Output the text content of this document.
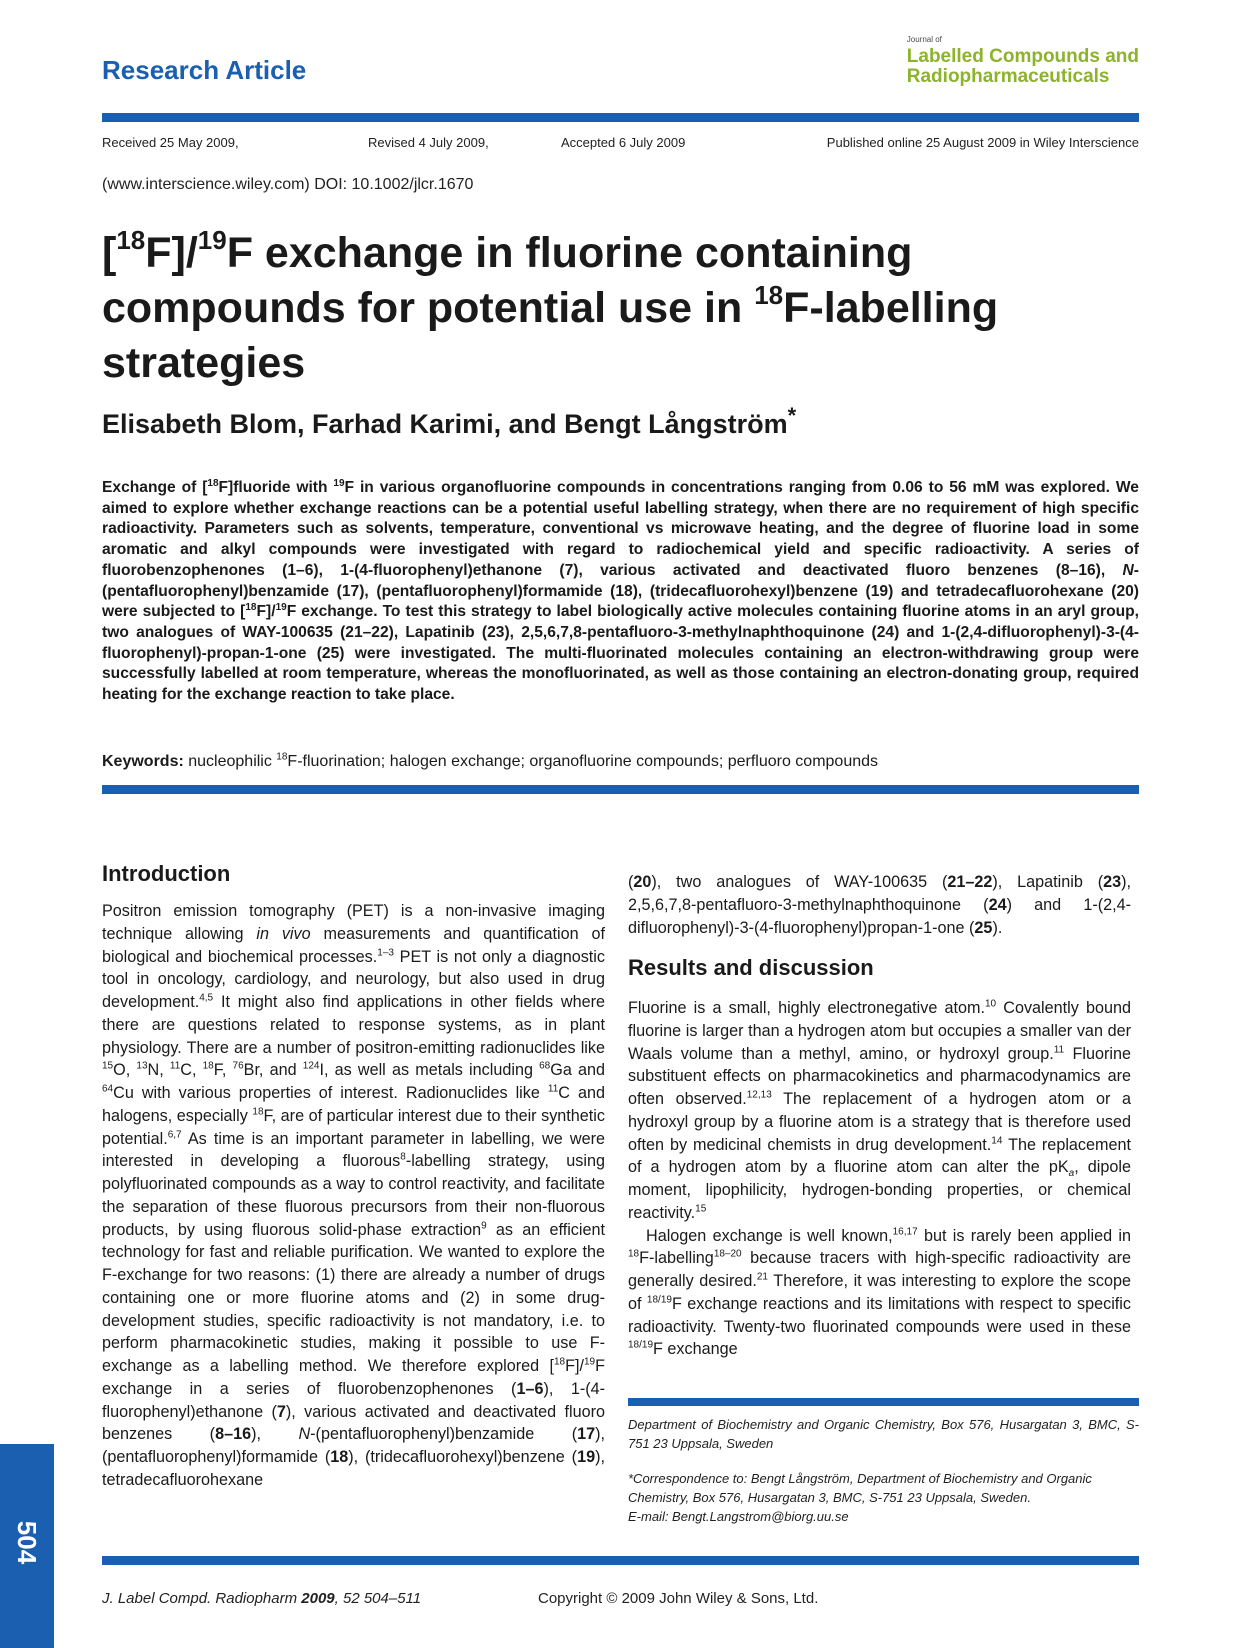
Research Article
Journal of
Labelled Compounds and
Radiopharmaceuticals
Received 25 May 2009,	Revised 4 July 2009,	Accepted 6 July 2009	Published online 25 August 2009 in Wiley Interscience
(www.interscience.wiley.com) DOI: 10.1002/jlcr.1670
[$^{18}$F]/$^{19}$F exchange in fluorine containing compounds for potential use in $^{18}$F-labelling strategies
Elisabeth Blom, Farhad Karimi, and Bengt Långström*
Exchange of [$^{18}$F]fluoride with $^{19}$F in various organofluorine compounds in concentrations ranging from 0.06 to 56 mM was explored. We aimed to explore whether exchange reactions can be a potential useful labelling strategy, when there are no requirement of high specific radioactivity. Parameters such as solvents, temperature, conventional vs microwave heating, and the degree of fluorine load in some aromatic and alkyl compounds were investigated with regard to radiochemical yield and specific radioactivity. A series of fluorobenzophenones (1–6), 1-(4-fluorophenyl)ethanone (7), various activated and deactivated fluoro benzenes (8–16), N-(pentafluorophenyl)benzamide (17), (pentafluorophenyl)formamide (18), (tridecafluorohexyl)benzene (19) and tetradecafluorohexane (20) were subjected to [$^{18}$F]/$^{19}$F exchange. To test this strategy to label biologically active molecules containing fluorine atoms in an aryl group, two analogues of WAY-100635 (21–22), Lapatinib (23), 2,5,6,7,8-pentafluoro-3-methylnaphthoquinone (24) and 1-(2,4-difluorophenyl)-3-(4-fluorophenyl)-propan-1-one (25) were investigated. The multi-fluorinated molecules containing an electron-withdrawing group were successfully labelled at room temperature, whereas the monofluorinated, as well as those containing an electron-donating group, required heating for the exchange reaction to take place.
Keywords: nucleophilic $^{18}$F-fluorination; halogen exchange; organofluorine compounds; perfluoro compounds
Introduction

Positron emission tomography (PET) is a non-invasive imaging technique allowing in vivo measurements and quantification of biological and biochemical processes.$^{1-3}$ PET is not only a diagnostic tool in oncology, cardiology, and neurology, but also used in drug development.$^{4,5}$ It might also find applications in other fields where there are questions related to response systems, as in plant physiology. There are a number of positron-emitting radionuclides like $^{15}$O, $^{13}$N, $^{11}$C, $^{18}$F, $^{76}$Br, and $^{124}$I, as well as metals including $^{68}$Ga and $^{64}$Cu with various properties of interest. Radionuclides like $^{11}$C and halogens, especially $^{18}$F, are of particular interest due to their synthetic potential.$^{6,7}$ As time is an important parameter in labelling, we were interested in developing a fluorous$^8$-labelling strategy, using polyfluorinated compounds as a way to control reactivity, and facilitate the separation of these fluorous precursors from their non-fluorous products, by using fluorous solid-phase extraction$^9$ as an efficient technology for fast and reliable purification. We wanted to explore the F-exchange for two reasons: (1) there are already a number of drugs containing one or more fluorine atoms and (2) in some drug-development studies, specific radioactivity is not mandatory, i.e. to perform pharmacokinetic studies, making it possible to use F-exchange as a labelling method. We therefore explored [$^{18}$F]/$^{19}$F exchange in a series of fluorobenzophenones (1–6), 1-(4-fluorophenyl)ethanone (7), various activated and deactivated fluoro benzenes (8–16), N-(pentafluorophenyl)benzamide (17), (pentafluorophenyl)formamide (18), (tridecafluorohexyl)benzene (19), tetradecafluorohexane

(20), two analogues of WAY-100635 (21–22), Lapatinib (23), 2,5,6,7,8-pentafluoro-3-methylnaphthoquinone (24) and 1-(2,4-difluorophenyl)-3-(4-fluorophenyl)propan-1-one (25).

Results and discussion

Fluorine is a small, highly electronegative atom.$^{10}$ Covalently bound fluorine is larger than a hydrogen atom but occupies a smaller van der Waals volume than a methyl, amino, or hydroxyl group.$^{11}$ Fluorine substituent effects on pharmacokinetics and pharmacodynamics are often observed.$^{12,13}$ The replacement of a hydrogen atom or a hydroxyl group by a fluorine atom is a strategy that is therefore used often by medicinal chemists in drug development.$^{14}$ The replacement of a hydrogen atom by a fluorine atom can alter the $pK_a$, dipole moment, lipophilicity, hydrogen-bonding properties, or chemical reactivity.$^{15}$

Halogen exchange is well known,$^{16,17}$ but is rarely been applied in $^{18}$F-labelling$^{18-20}$ because tracers with high-specific radioactivity are generally desired.$^{21}$ Therefore, it was interesting to explore the scope of $^{18/19}$F exchange reactions and its limitations with respect to specific radioactivity. Twenty-two fluorinated compounds were used in these $^{18/19}$F exchange

Department of Biochemistry and Organic Chemistry, Box 576, Husargatan 3, BMC, S-751 23 Uppsala, Sweden
*Correspondence to: Bengt Långström, Department of Biochemistry and Organic Chemistry, Box 576, Husargatan 3, BMC, S-751 23 Uppsala, Sweden.
E-mail: Bengt.Langstrom@biorg.uu.se
J. Label Compd. Radiopharm 2009, 52 504–511	Copyright © 2009 John Wiley & Sons, Ltd.
504
